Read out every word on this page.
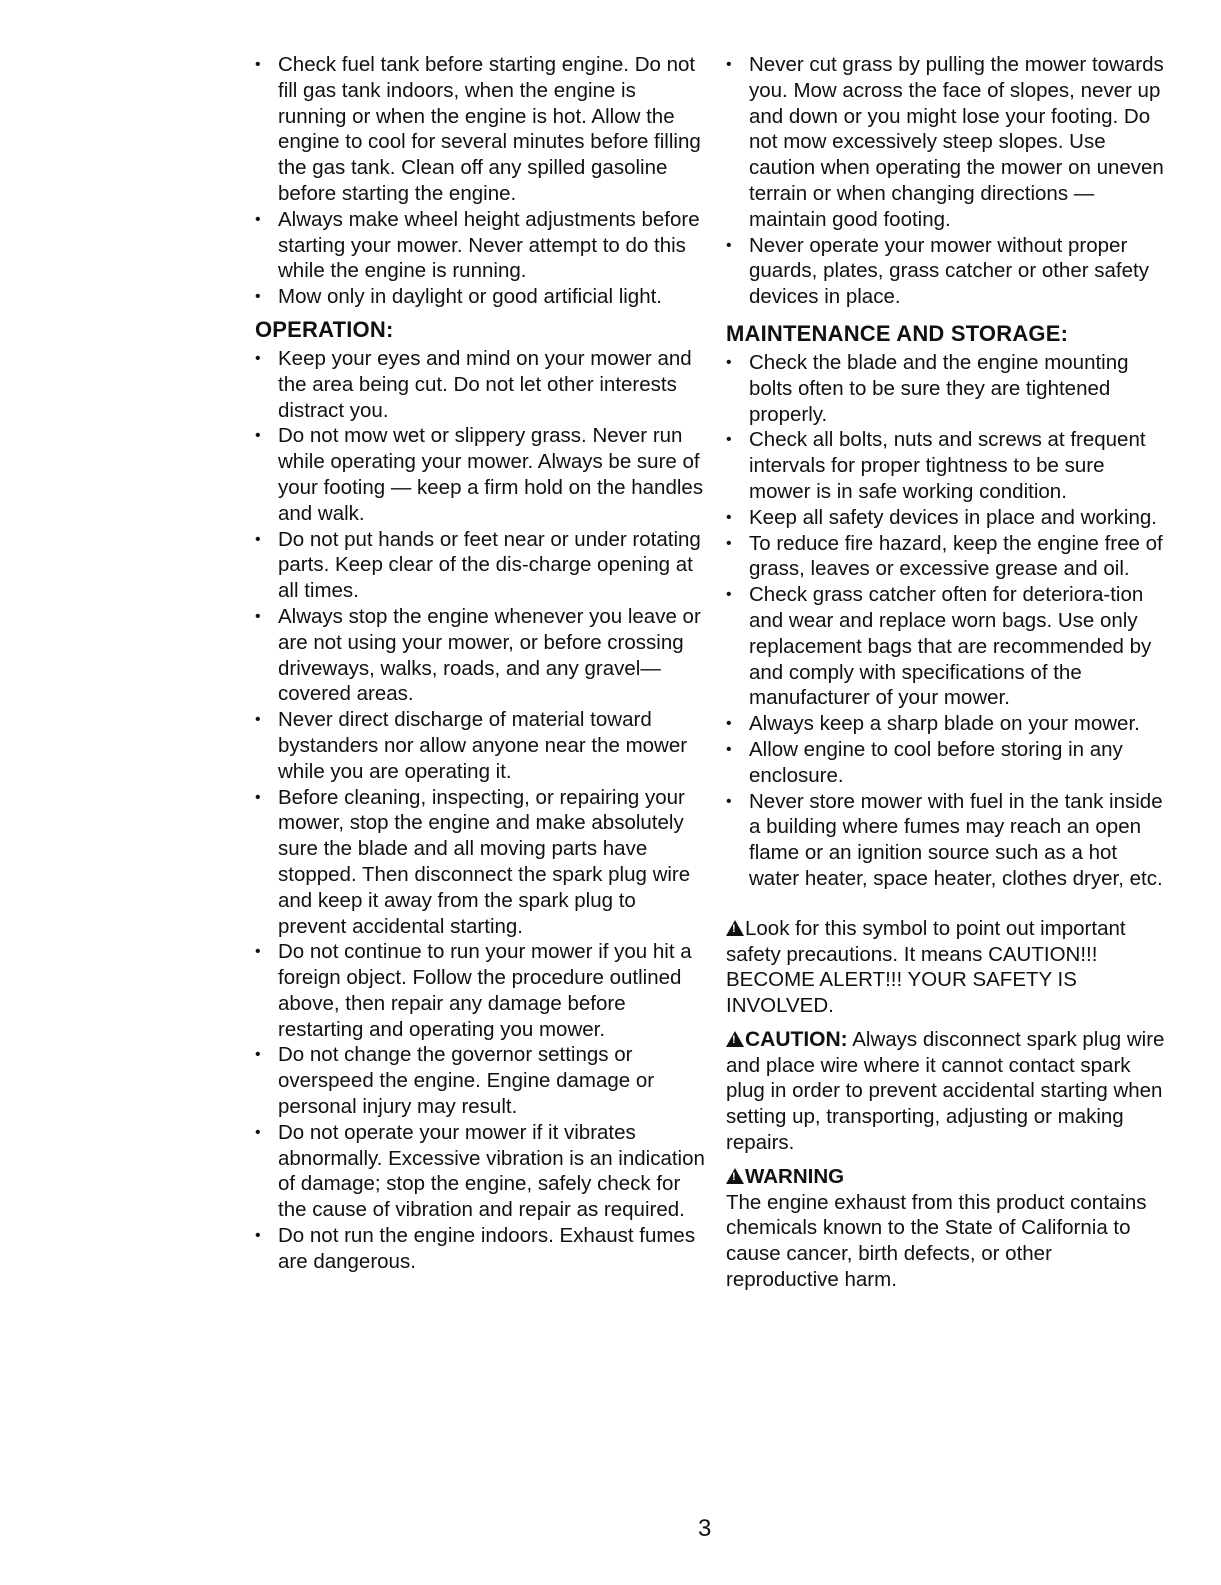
• Check fuel tank before starting engine. Do not fill gas tank indoors, when the engine is running or when the engine is hot. Allow the engine to cool for several minutes before filling the gas tank. Clean off any spilled gasoline before starting the engine.
• Always make wheel height adjustments before starting your mower. Never attempt to do this while the engine is running.
• Mow only in daylight or good artificial light.
OPERATION:
• Keep your eyes and mind on your mower and the area being cut. Do not let other interests distract you.
• Do not mow wet or slippery grass. Never run while operating your mower. Always be sure of your footing — keep a firm hold on the handles and walk.
• Do not put hands or feet near or under rotating parts. Keep clear of the dis-charge opening at all times.
• Always stop the engine whenever you leave or are not using your mower, or before crossing driveways, walks, roads, and any gravel—covered areas.
• Never direct discharge of material toward bystanders nor allow anyone near the mower while you are operating it.
• Before cleaning, inspecting, or repairing your mower, stop the engine and make absolutely sure the blade and all moving parts have stopped. Then disconnect the spark plug wire and keep it away from the spark plug to prevent accidental starting.
• Do not continue to run your mower if you hit a foreign object. Follow the procedure outlined above, then repair any damage before restarting and operating you mower.
• Do not change the governor settings or overspeed the engine. Engine damage or personal injury may result.
• Do not operate your mower if it vibrates abnormally. Excessive vibration is an indication of damage; stop the engine, safely check for the cause of vibration and repair as required.
• Do not run the engine indoors. Exhaust fumes are dangerous.
• Never cut grass by pulling the mower towards you. Mow across the face of slopes, never up and down or you might lose your footing. Do not mow excessively steep slopes. Use caution when operating the mower on uneven terrain or when changing directions — maintain good footing.
• Never operate your mower without proper guards, plates, grass catcher or other safety devices in place.
MAINTENANCE AND STORAGE:
• Check the blade and the engine mounting bolts often to be sure they are tightened properly.
• Check all bolts, nuts and screws at frequent intervals for proper tightness to be sure mower is in safe working condition.
• Keep all safety devices in place and working.
• To reduce fire hazard, keep the engine free of grass, leaves or excessive grease and oil.
• Check grass catcher often for deteriora-tion and wear and replace worn bags. Use only replacement bags that are recommended by and comply with specifications of the manufacturer of your mower.
• Always keep a sharp blade on your mower.
• Allow engine to cool before storing in any enclosure.
• Never store mower with fuel in the tank inside a building where fumes may reach an open flame or an ignition source such as a hot water heater, space heater, clothes dryer, etc.

!Look for this symbol to point out important safety precautions. It means CAUTION!!! BECOME ALERT!!! YOUR SAFETY IS INVOLVED.

!CAUTION: Always disconnect spark plug wire and place wire where it cannot contact spark plug in order to prevent accidental starting when setting up, transporting, adjusting or making repairs.

!WARNING

The engine exhaust from this product contains chemicals known to the State of California to cause cancer, birth defects, or other reproductive harm.

3
